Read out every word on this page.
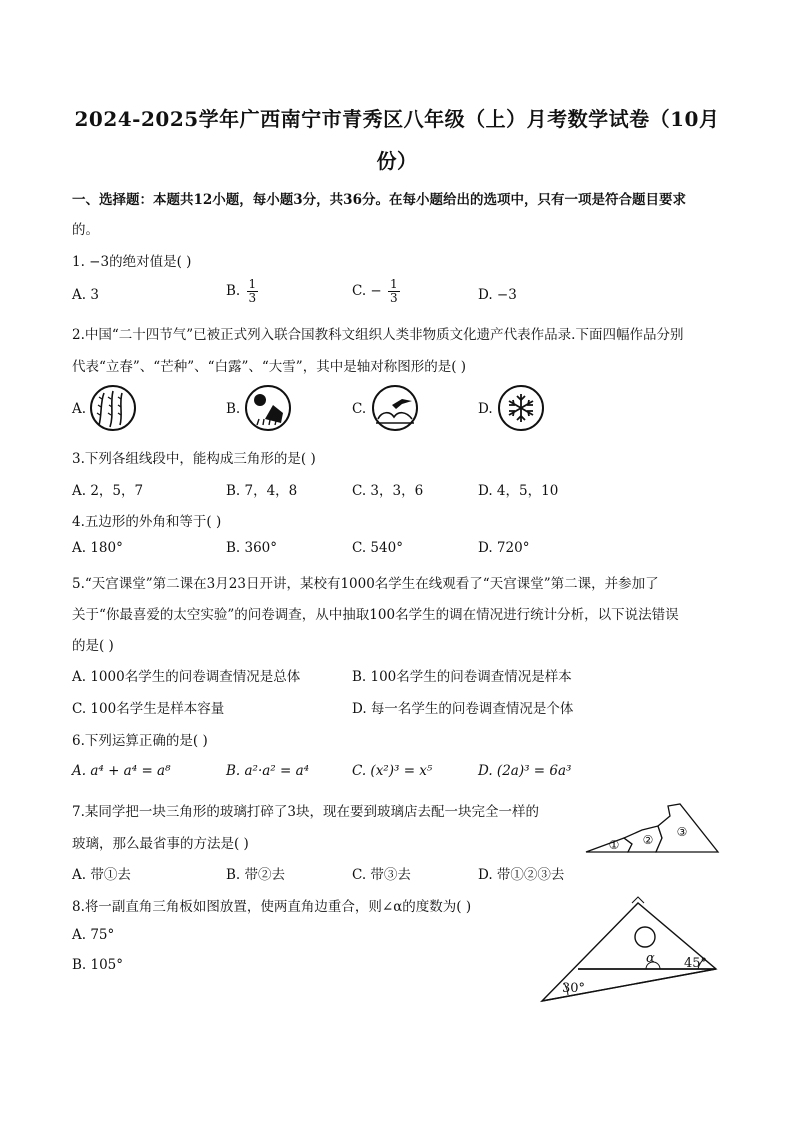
2024-2025学年广西南宁市青秀区八年级（上）月考数学试卷（10月
份）
一、选择题：本题共12小题，每小题3分，共36分。在每小题给出的选项中，只有一项是符合题目要求
的。
1. −3的绝对值是( )
A. 3	B. $\frac{1}{3}$	C. − $\frac{1}{3}$	D. −3
2.中国“二十四节气”已被正式列入联合国教科文组织人类非物质文化遗产代表作品录.下面四幅作品分别
代表“立春”、“芒种”、“白露”、“大雪”，其中是轴对称图形的是( )
A.	B.	C.	D.
3.下列各组线段中，能构成三角形的是( )
A. 2，5，7	B. 7，4，8	C. 3，3，6	D. 4，5，10
4.五边形的外角和等于( )
A. 180°	B. 360°	C. 540°	D. 720°
5.“天宫课堂”第二课在3月23日开讲，某校有1000名学生在线观看了“天宫课堂”第二课，并参加了
关于“你最喜爱的太空实验”的问卷调查，从中抽取100名学生的调在情况进行统计分析，以下说法错误
的是( )
A. 1000名学生的问卷调查情况是总体	B. 100名学生的问卷调查情况是样本
C. 100名学生是样本容量	D. 每一名学生的问卷调查情况是个体
6.下列运算正确的是( )
A. a⁴ + a⁴ = a⁸	B. a²·a² = a⁴	C. (x²)³ = x⁵	D. (2a)³ = 6a³
7.某同学把一块三角形的玻璃打碎了3块，现在要到玻璃店去配一块完全一样的
玻璃，那么最省事的方法是( )
A. 带①去	B. 带②去	C. 带③去	D. 带①②③去
① ②
③
8.将一副直角三角板如图放置，使两直角边重合，则∠α的度数为( )
A. 75°
B. 105°	α 45°
30°
